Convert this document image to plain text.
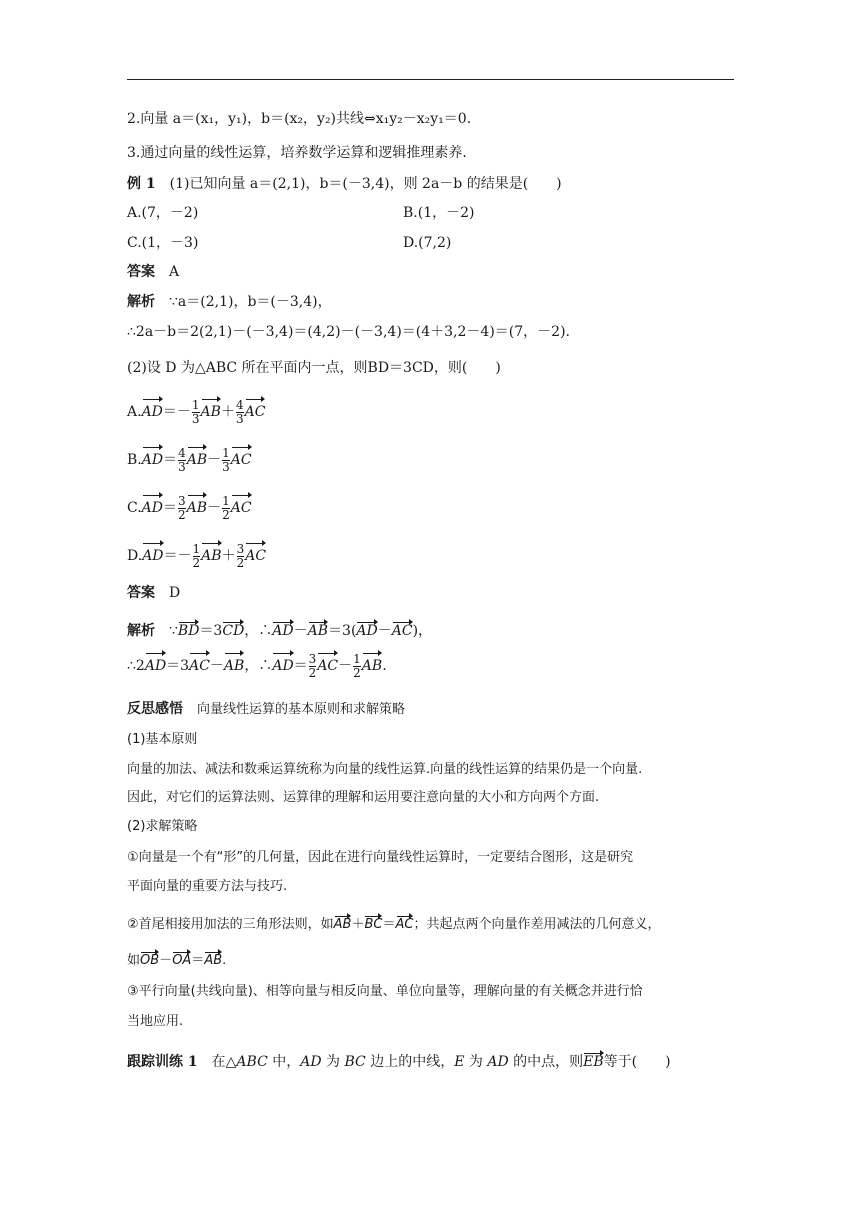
2.向量 a＝(x₁，y₁)，b＝(x₂，y₂)共线⇔x₁y₂－x₂y₁＝0.
3.通过向量的线性运算，培养数学运算和逻辑推理素养.
例 1 (1)已知向量 a＝(2,1)，b＝(－3,4)，则 2a－b 的结果是(　　)
A.(7，－2)	B.(1，－2)
C.(1，－3)	D.(7,2)
答案 A
解析 ∵a＝(2,1)，b＝(－3,4)，
∴2a－b＝2(2,1)－(－3,4)＝(4,2)－(－3,4)＝(4＋3,2－4)＝(7，－2).
(2)设 D 为△ABC 所在平面内一点，则BD＝3CD，则(　　)
$A.AD=- \frac{1}{3} AB+ \frac{4}{3}$ AC
$B.AD= \frac{4}{3} AB- \frac{1}{3}$ AC
$C.AD= \frac{3}{2} AB- \frac{1}{2}$ AC
$D.AD=- \frac{1}{2} AB+ \frac{3}{2}$ AC
答案 D
解析 ∵BD＝3CD，∴AD－AB＝3(AD－AC)，
∴2AD＝3AC－AB，∴AD＝ $\frac{3}{2} AC- \frac{1}{2}$ AB.
反思感悟 向量线性运算的基本原则和求解策略
(1)基本原则
向量的加法、减法和数乘运算统称为向量的线性运算.向量的线性运算的结果仍是一个向量.
因此，对它们的运算法则、运算律的理解和运用要注意向量的大小和方向两个方面.
(2)求解策略
①向量是一个有“形”的几何量，因此在进行向量线性运算时，一定要结合图形，这是研究
平面向量的重要方法与技巧.
②首尾相接用加法的三角形法则，如AB＋BC＝AC；共起点两个向量作差用减法的几何意义，
如OB－OA＝AB.
③平行向量(共线向量)、相等向量与相反向量、单位向量等，理解向量的有关概念并进行恰
当地应用.
跟踪训练 1 在△ABC 中，AD 为 BC 边上的中线，E 为 AD 的中点，则EB等于(　　)
